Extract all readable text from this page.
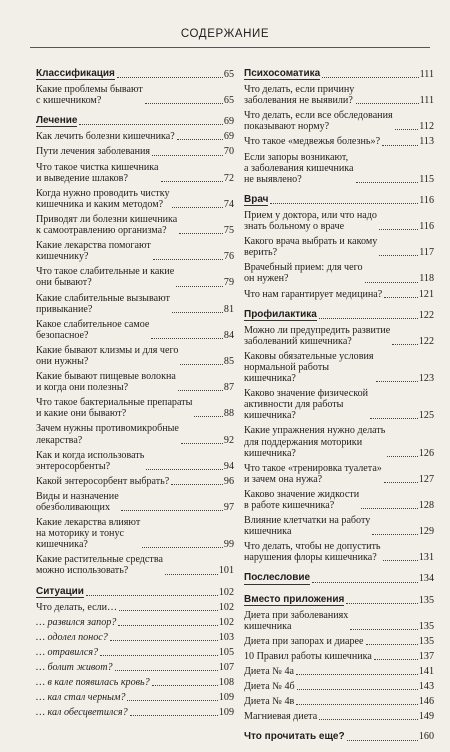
СОДЕРЖАНИЕ
Классификация	65
Какие проблемы бывают
с кишечником?	65
Лечение	69
Как лечить болезни кишечника?	69
Пути лечения заболевания	70
Что такое чистка кишечника
и выведение шлаков?	72
Когда нужно проводить чистку
кишечника и каким методом?	74
Приводят ли болезни кишечника
к самоотравлению организма?	75
Какие лекарства помогают
кишечнику?	76
Что такое слабительные и какие
они бывают?	79
Какие слабительные вызывают
привыкание?	81
Какое слабительное самое
безопасное?	84
Какие бывают клизмы и для чего
они нужны?	85
Какие бывают пищевые волокна
и когда они полезны?	87
Что такое бактериальные препараты
и какие они бывают?	88
Зачем нужны противомикробные
лекарства?	92
Как и когда использовать
энтеросорбенты?	94
Какой энтеросорбент выбрать?	96
Виды и назначение
обезболивающих	97
Какие лекарства влияют
на моторику и тонус
кишечника?	99
Какие растительные средства
можно использовать?	101
Ситуации	102
Что делать, если…	102
… развился запор?	102
… одолел понос?	103
… отравился?	105
… болит живот?	107
… в кале появилась кровь?	108
… кал стал черным?	109
… кал обесцветился?	109
Психосоматика	111
Что делать, если причину
заболевания не выявили?	111
Что делать, если все обследования
показывают норму?	112
Что такое «медвежья болезнь»?	113
Если запоры возникают,
а заболевания кишечника
не выявлено?	115
Врач	116
Прием у доктора, или что надо
знать больному о враче	116
Какого врача выбрать и какому
верить?	117
Врачебный прием: для чего
он нужен?	118
Что нам гарантирует медицина?	121
Профилактика	122
Можно ли предупредить развитие
заболеваний кишечника?	122
Каковы обязательные условия
нормальной работы
кишечника?	123
Каково значение физической
активности для работы
кишечника?	125
Какие упражнения нужно делать
для поддержания моторики
кишечника?	126
Что такое «тренировка туалета»
и зачем она нужа?	127
Каково значение жидкости
в работе кишечника?	128
Влияние клетчатки на работу
кишечника	129
Что делать, чтобы не допустить
нарушения флоры кишечника?	131
Послесловие	134
Вместо приложения	135
Диета при заболеваниях
кишечника	135
Диета при запорах и диарее	135
10 Правил работы кишечника	137
Диета № 4а	141
Диета № 4б	143
Диета № 4в	146
Магниевая диета	149
Что прочитать еще?	160
